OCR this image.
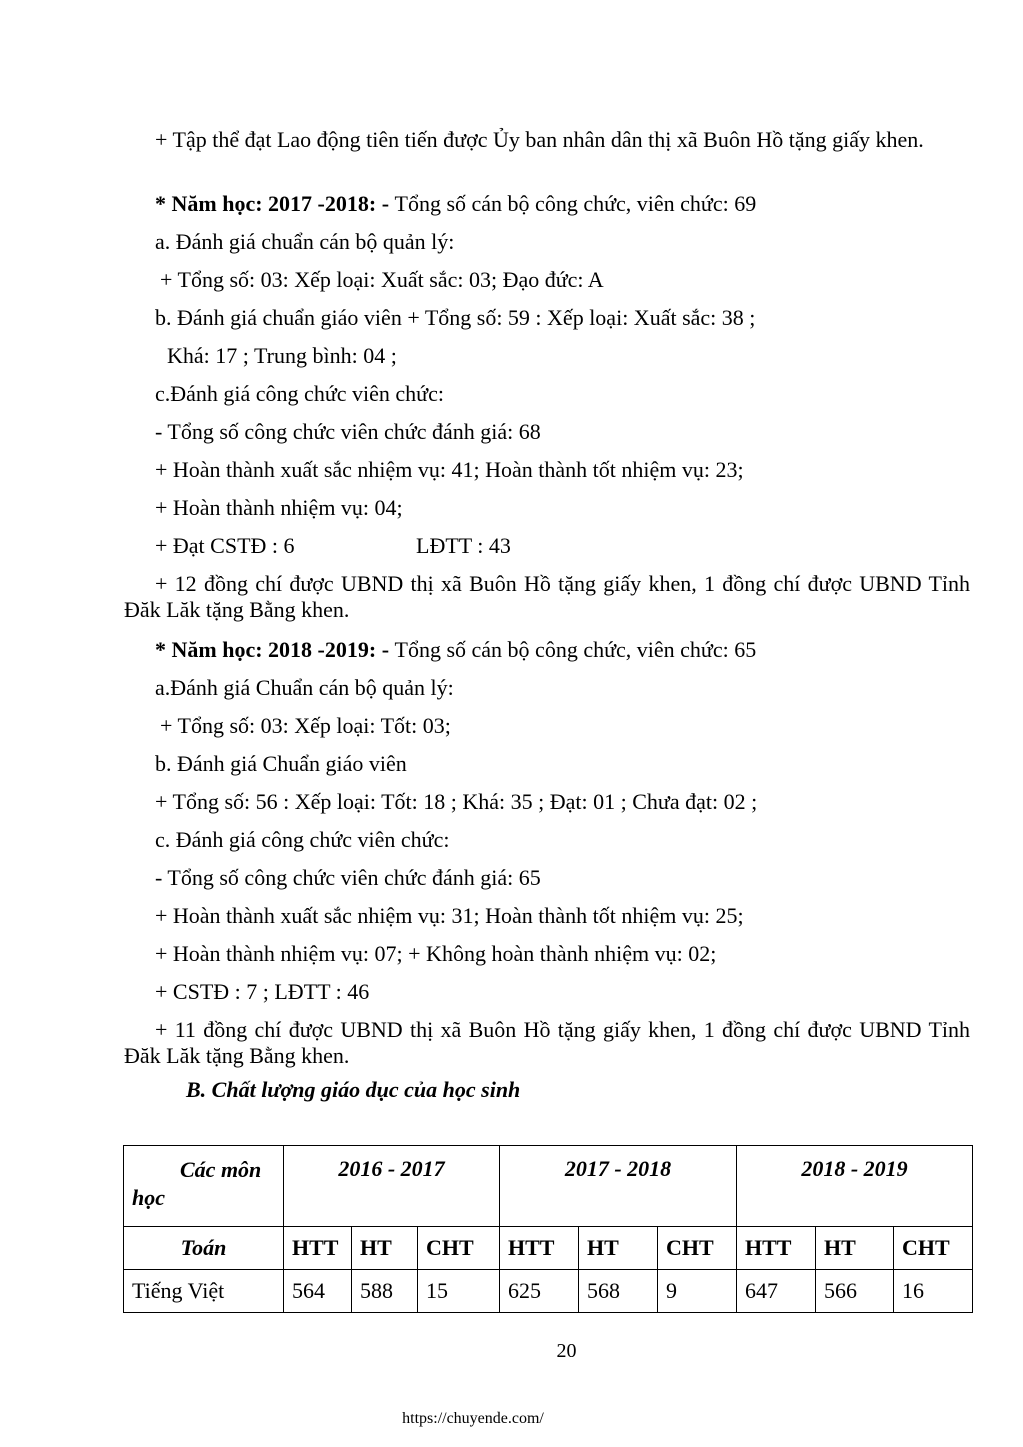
+ Tập thể đạt Lao động tiên tiến được Ủy ban nhân dân thị xã Buôn Hồ tặng giấy khen.
* Năm học: 2017 -2018: - Tổng số cán bộ công chức, viên chức: 69
a. Đánh giá chuẩn cán bộ quản lý:
+ Tổng số: 03: Xếp loại: Xuất sắc: 03; Đạo đức: A
b. Đánh giá chuẩn giáo viên + Tổng số: 59 : Xếp loại: Xuất sắc: 38 ;
Khá: 17 ; Trung bình: 04 ;
c.Đánh giá công chức viên chức:
- Tổng số công chức viên chức đánh giá: 68
+ Hoàn thành xuất sắc nhiệm vụ: 41; Hoàn thành tốt nhiệm vụ: 23;
+ Hoàn thành nhiệm vụ: 04;
+ Đạt CSTĐ : 6	LĐTT : 43
+ 12 đồng chí được UBND thị xã Buôn Hồ tặng giấy khen, 1 đồng chí được UBND Tỉnh Đăk Lăk tặng Bằng khen.
* Năm học: 2018 -2019: - Tổng số cán bộ công chức, viên chức: 65
a.Đánh giá Chuẩn cán bộ quản lý:
+ Tổng số: 03: Xếp loại: Tốt: 03;
b. Đánh giá Chuẩn giáo viên
+ Tổng số: 56 : Xếp loại: Tốt: 18 ; Khá: 35 ; Đạt: 01 ; Chưa đạt: 02 ;
c. Đánh giá công chức viên chức:
- Tổng số công chức viên chức đánh giá: 65
+ Hoàn thành xuất sắc nhiệm vụ: 31; Hoàn thành tốt nhiệm vụ: 25;
+ Hoàn thành nhiệm vụ: 07; + Không hoàn thành nhiệm vụ: 02;
+ CSTĐ : 7 ; LĐTT : 46
+ 11 đồng chí được UBND thị xã Buôn Hồ tặng giấy khen, 1 đồng chí được UBND Tỉnh Đăk Lăk tặng Bằng khen.
B. Chất lượng giáo dục của học sinh
Các môn
học	2016 - 2017			2017 - 2018			2018 - 2019		
Toán	HTT	HT	CHT	HTT	HT	CHT	HTT	HT	CHT
Tiếng Việt	564	588	15	625	568	9	647	566	16
20
https://chuyende.com/
